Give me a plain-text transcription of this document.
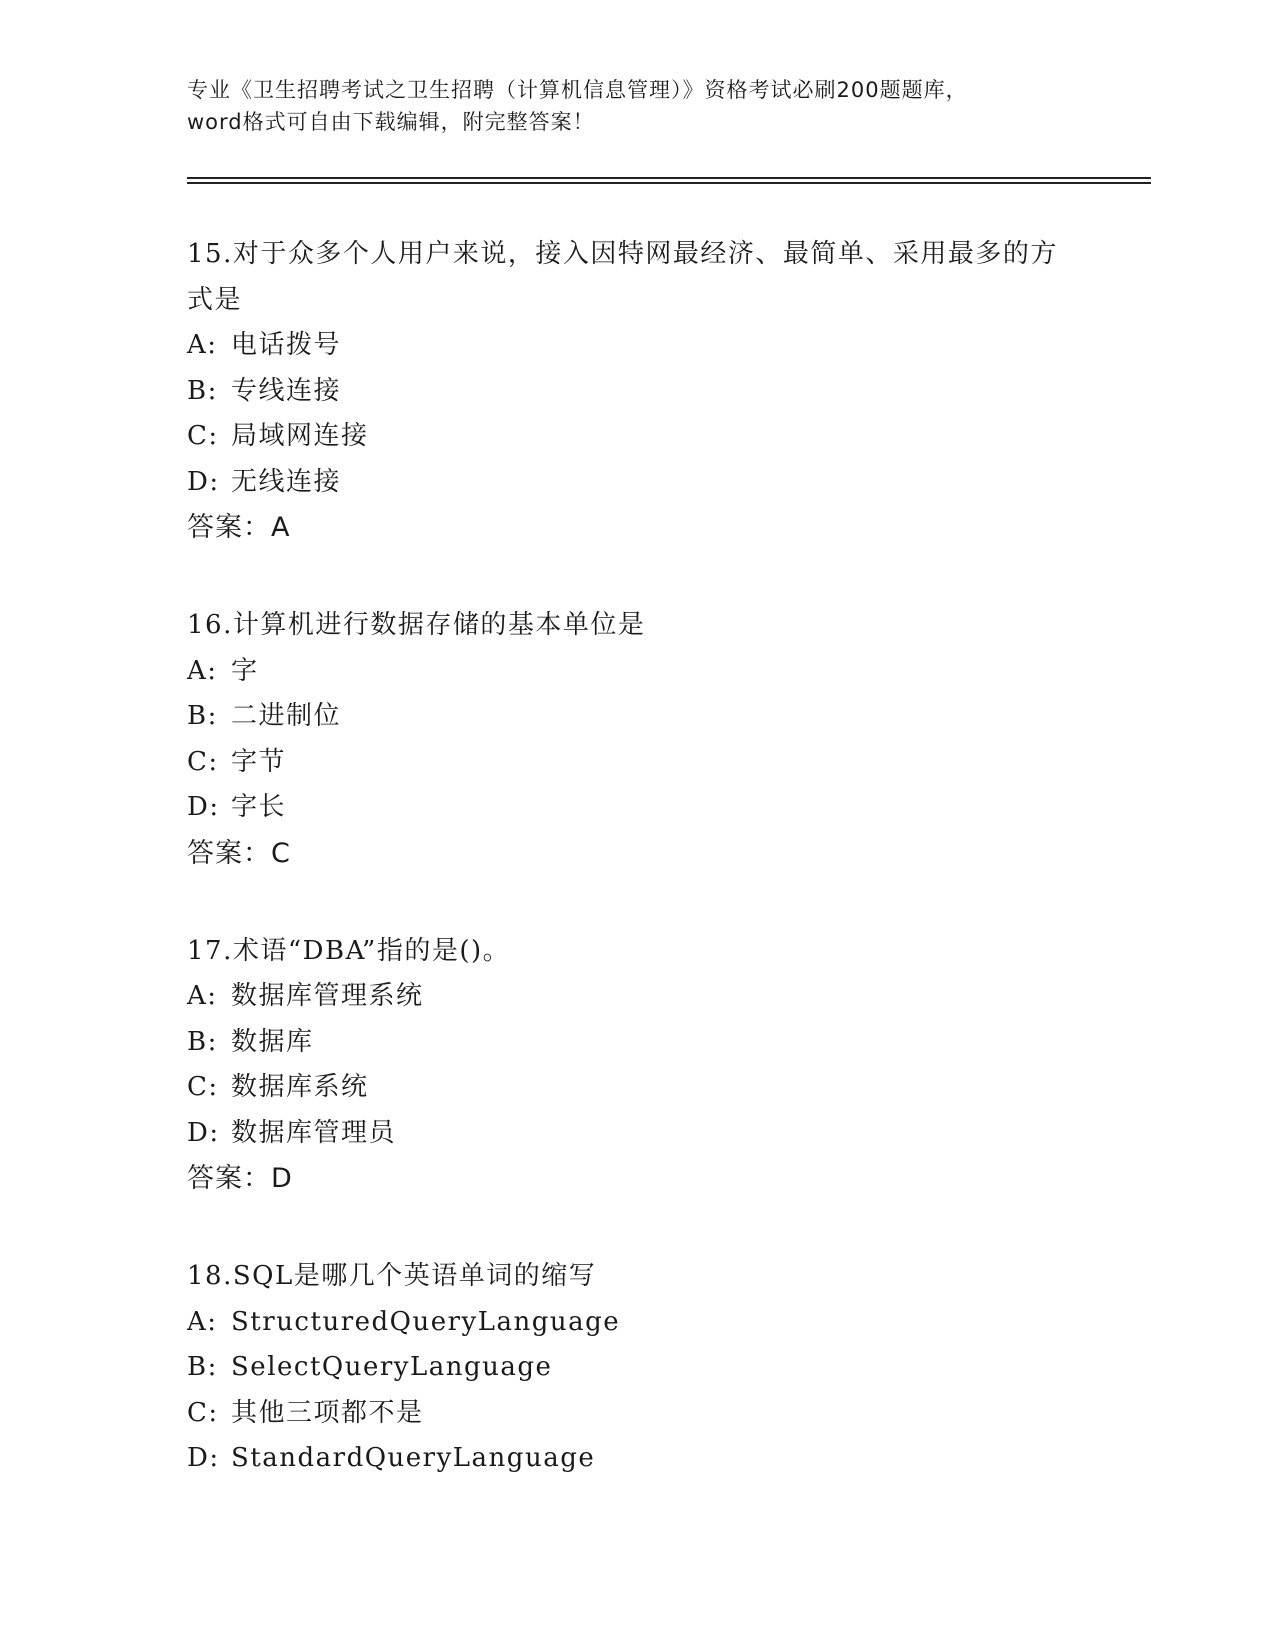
专业《卫生招聘考试之卫生招聘（计算机信息管理）》资格考试必刷200题题库，
word格式可自由下载编辑，附完整答案！
15.对于众多个人用户来说，接入因特网最经济、最简单、采用最多的方式是
A: 电话拨号
B: 专线连接
C: 局域网连接
D: 无线连接
答案：A
16.计算机进行数据存储的基本单位是
A: 字
B: 二进制位
C: 字节
D: 字长
答案：C
17.术语“DBA”指的是()。
A: 数据库管理系统
B: 数据库
C: 数据库系统
D: 数据库管理员
答案：D
18.SQL是哪几个英语单词的缩写
A: StructuredQueryLanguage
B: SelectQueryLanguage
C: 其他三项都不是
D: StandardQueryLanguage
